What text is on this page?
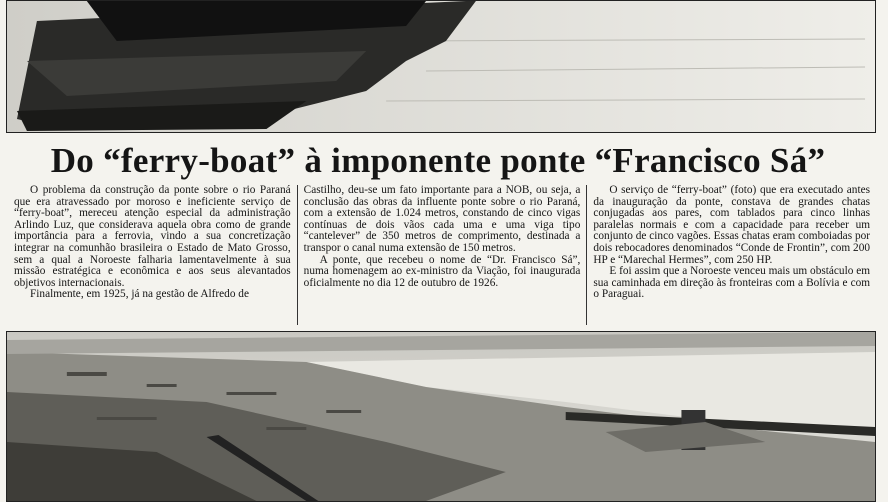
Do “ferry-boat” à imponente ponte “Francisco Sá”

O problema da construção da ponte sobre o rio Paraná que era atravessado por moroso e ineficiente serviço de “ferry-boat”, mereceu atenção especial da administração Arlindo Luz, que considerava aquela obra como de grande importância para a ferrovia, vindo a sua concretização integrar na comunhão brasileira o Estado de Mato Grosso, sem a qual a Noroeste falharia lamentavelmente à sua missão estratégica e econômica e aos seus alevantados objetivos internacionais.

Finalmente, em 1925, já na gestão de Alfredo de

Castilho, deu-se um fato importante para a NOB, ou seja, a conclusão das obras da influente ponte sobre o rio Paraná, com a extensão de 1.024 metros, constando de cinco vigas contínuas de dois vãos cada uma e uma viga tipo “cantelever” de 350 metros de comprimento, destinada a transpor o canal numa extensão de 150 metros.

A ponte, que recebeu o nome de “Dr. Francisco Sá”, numa homenagem ao ex-ministro da Viação, foi inaugurada oficialmente no dia 12 de outubro de 1926.

O serviço de “ferry-boat” (foto) que era executado antes da inauguração da ponte, constava de grandes chatas conjugadas aos pares, com tablados para cinco linhas paralelas normais e com a capacidade para receber um conjunto de cinco vagões. Essas chatas eram comboiadas por dois rebocadores denominados “Conde de Frontin”, com 200 HP e “Marechal Hermes”, com 250 HP.

E foi assim que a Noroeste venceu mais um obstáculo em sua caminhada em direção às fronteiras com a Bolívia e com o Paraguai.
